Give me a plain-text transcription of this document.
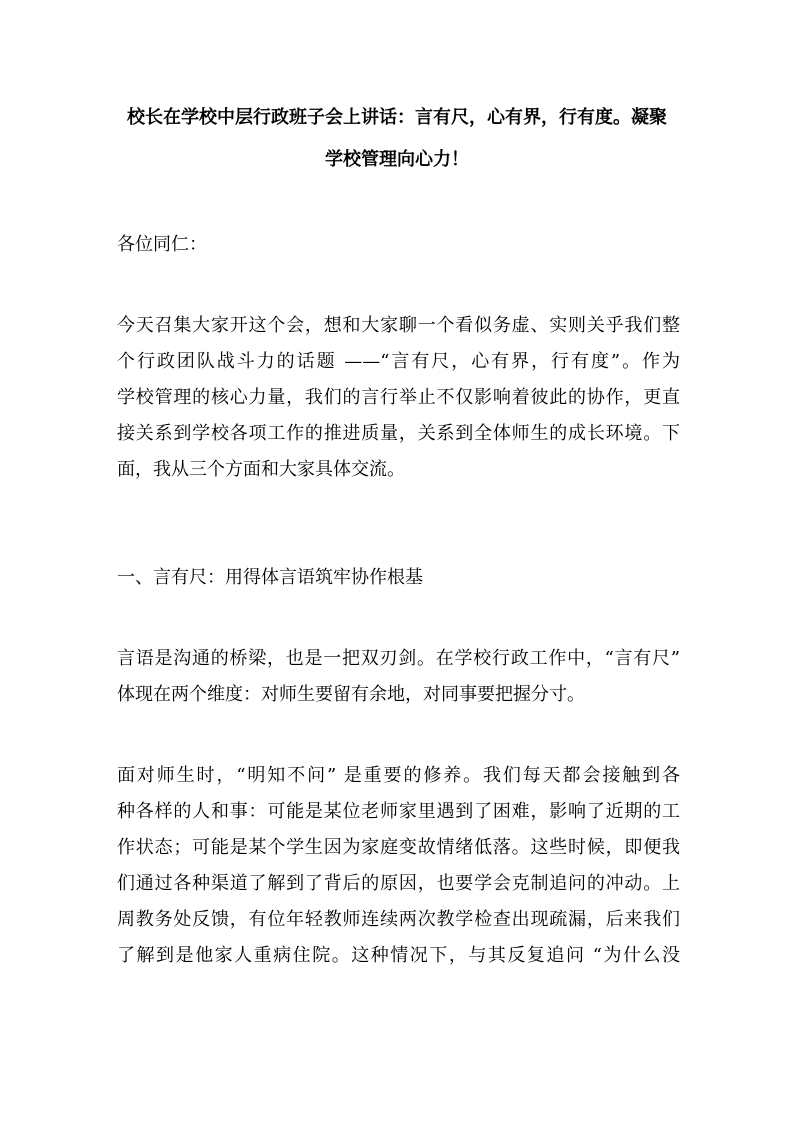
校长在学校中层行政班子会上讲话：言有尺，心有界，行有度。凝聚
学校管理向心力！

各位同仁：

今天召集大家开这个会，想和大家聊一个看似务虚、实则关乎我们整
个行政团队战斗力的话题 ——“言有尺，心有界，行有度”。作为
学校管理的核心力量，我们的言行举止不仅影响着彼此的协作，更直
接关系到学校各项工作的推进质量，关系到全体师生的成长环境。下
面，我从三个方面和大家具体交流。

一、言有尺：用得体言语筑牢协作根基

言语是沟通的桥梁，也是一把双刃剑。在学校行政工作中，“言有尺”
体现在两个维度：对师生要留有余地，对同事要把握分寸。
面对师生时，“明知不问” 是重要的修养。我们每天都会接触到各
种各样的人和事：可能是某位老师家里遇到了困难，影响了近期的工
作状态；可能是某个学生因为家庭变故情绪低落。这些时候，即便我
们通过各种渠道了解到了背后的原因，也要学会克制追问的冲动。上
周教务处反馈，有位年轻教师连续两次教学检查出现疏漏，后来我们
了解到是他家人重病住院。这种情况下，与其反复追问 “为什么没
